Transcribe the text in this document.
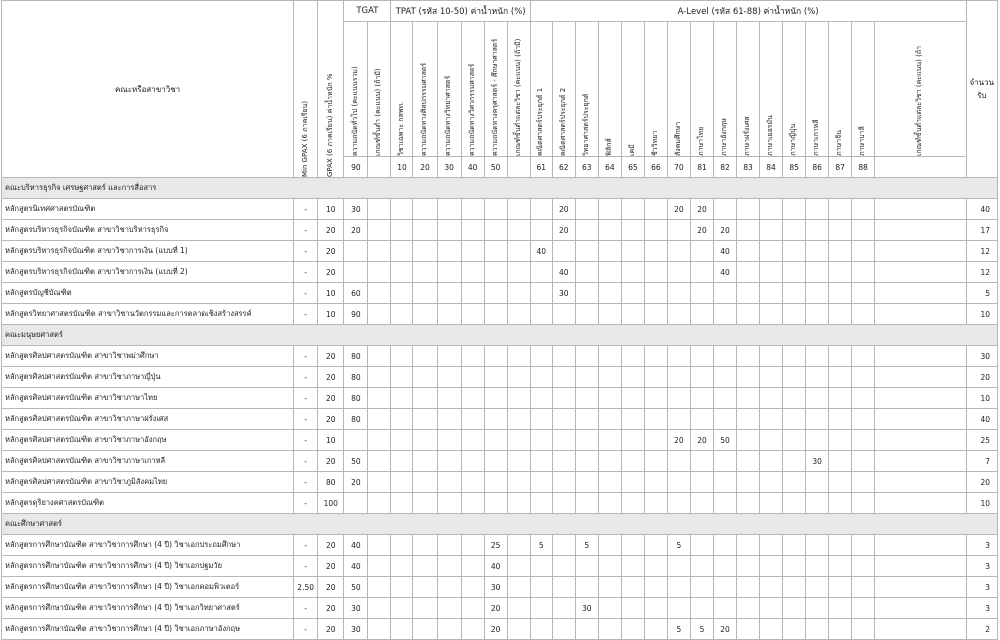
คณะหรือสาขาวิชา	Min GPAX (6 ภาคเรียน)	GPAX (6 ภาคเรียน) ค่าน้ำหนัก %	TGAT		TPAT (รหัส 10-50) ค่าน้ำหนัก (%)						A-Level (รหัส 61-88) ค่าน้ำหนัก (%)																จำนวนรับ

			ความถนัดทั่วไป (คะแนนรวม)	เกณฑ์ขั้นต่ำ (คะแนน) (ถ้ามี)	วิชาเฉพาะ กสพท.	ความถนัดทางศิลปกรรมศาสตร์	ความถนัดทางวิทยาศาสตร์	ความถนัดทางวิศวกรรมศาสตร์	ความถนัดทางครุศาสตร์ - ศึกษาศาสตร์	เกณฑ์ขั้นต่ำแต่ละวิชา (คะแนน) (ถ้ามี)	คณิตศาสตร์ประยุกต์ 1	คณิตศาสตร์ประยุกต์ 2	วิทยาศาสตร์ประยุกต์	ฟิสิกส์	เคมี	ชีววิทยา	สังคมศึกษา	ภาษาไทย	ภาษาอังกฤษ	ภาษาฝรั่งเศส	ภาษาเยอรมัน	ภาษาญี่ปุ่น	ภาษาเกาหลี	ภาษาจีน	ภาษาบาลี	เกณฑ์ขั้นต่ำแต่ละวิชา (คะแนน) (ถ้า	

			90		10	20	30	40	50		61	62	63	64	65	66	70	81	82	83	84	85	86	87	88		
คณะบริหารธุรกิจ เศรษฐศาสตร์ และการสื่อสาร																											
หลักสูตรนิเทศศาสตรบัณฑิต	-	10	30									20					20	20									40
หลักสูตรบริหารธุรกิจบัณฑิต สาขาวิชาบริหารธุรกิจ	-	20	20									20						20	20								17
หลักสูตรบริหารธุรกิจบัณฑิต สาขาวิชาการเงิน (แบบที่ 1)	-	20									40								40								12
หลักสูตรบริหารธุรกิจบัณฑิต สาขาวิชาการเงิน (แบบที่ 2)	-	20										40							40								12
หลักสูตรบัญชีบัณฑิต	-	10	60									30															5
หลักสูตรวิทยาศาสตรบัณฑิต สาขาวิชานวัตกรรมและการตลาดเชิงสร้างสรรค์	-	10	90																								10
คณะมนุษยศาสตร์																											
หลักสูตรศิลปศาสตรบัณฑิต สาขาวิชาพม่าศึกษา	-	20	80																								30
หลักสูตรศิลปศาสตรบัณฑิต สาขาวิชาภาษาญี่ปุ่น	-	20	80																								20
หลักสูตรศิลปศาสตรบัณฑิต สาขาวิชาภาษาไทย	-	20	80																								10
หลักสูตรศิลปศาสตรบัณฑิต สาขาวิชาภาษาฝรั่งเศส	-	20	80																								40
หลักสูตรศิลปศาสตรบัณฑิต สาขาวิชาภาษาอังกฤษ	-	10															20	20	50								25
หลักสูตรศิลปศาสตรบัณฑิต สาขาวิชาภาษาเกาหลี	-	20	50																				30				7
หลักสูตรศิลปศาสตรบัณฑิต สาขาวิชาภูมิสังคมไทย	-	80	20																								20
หลักสูตรดุริยางคศาสตรบัณฑิต	-	100																									10
คณะศึกษาศาสตร์																											
หลักสูตรการศึกษาบัณฑิต สาขาวิชาการศึกษา (4 ปี) วิชาเอกประถมศึกษา	-	20	40						25		5		5				5										3
หลักสูตรการศึกษาบัณฑิต สาขาวิชาการศึกษา (4 ปี) วิชาเอกปฐมวัย	-	20	40						40																		3
หลักสูตรการศึกษาบัณฑิต สาขาวิชาการศึกษา (4 ปี) วิชาเอกคอมพิวเตอร์	2.50	20	50						30																		3
หลักสูตรการศึกษาบัณฑิต สาขาวิชาการศึกษา (4 ปี) วิชาเอกวิทยาศาสตร์	-	20	30						20				30														3
หลักสูตรการศึกษาบัณฑิต สาขาวิชาการศึกษา (4 ปี) วิชาเอกภาษาอังกฤษ	-	20	30						20								5	5	20								2
